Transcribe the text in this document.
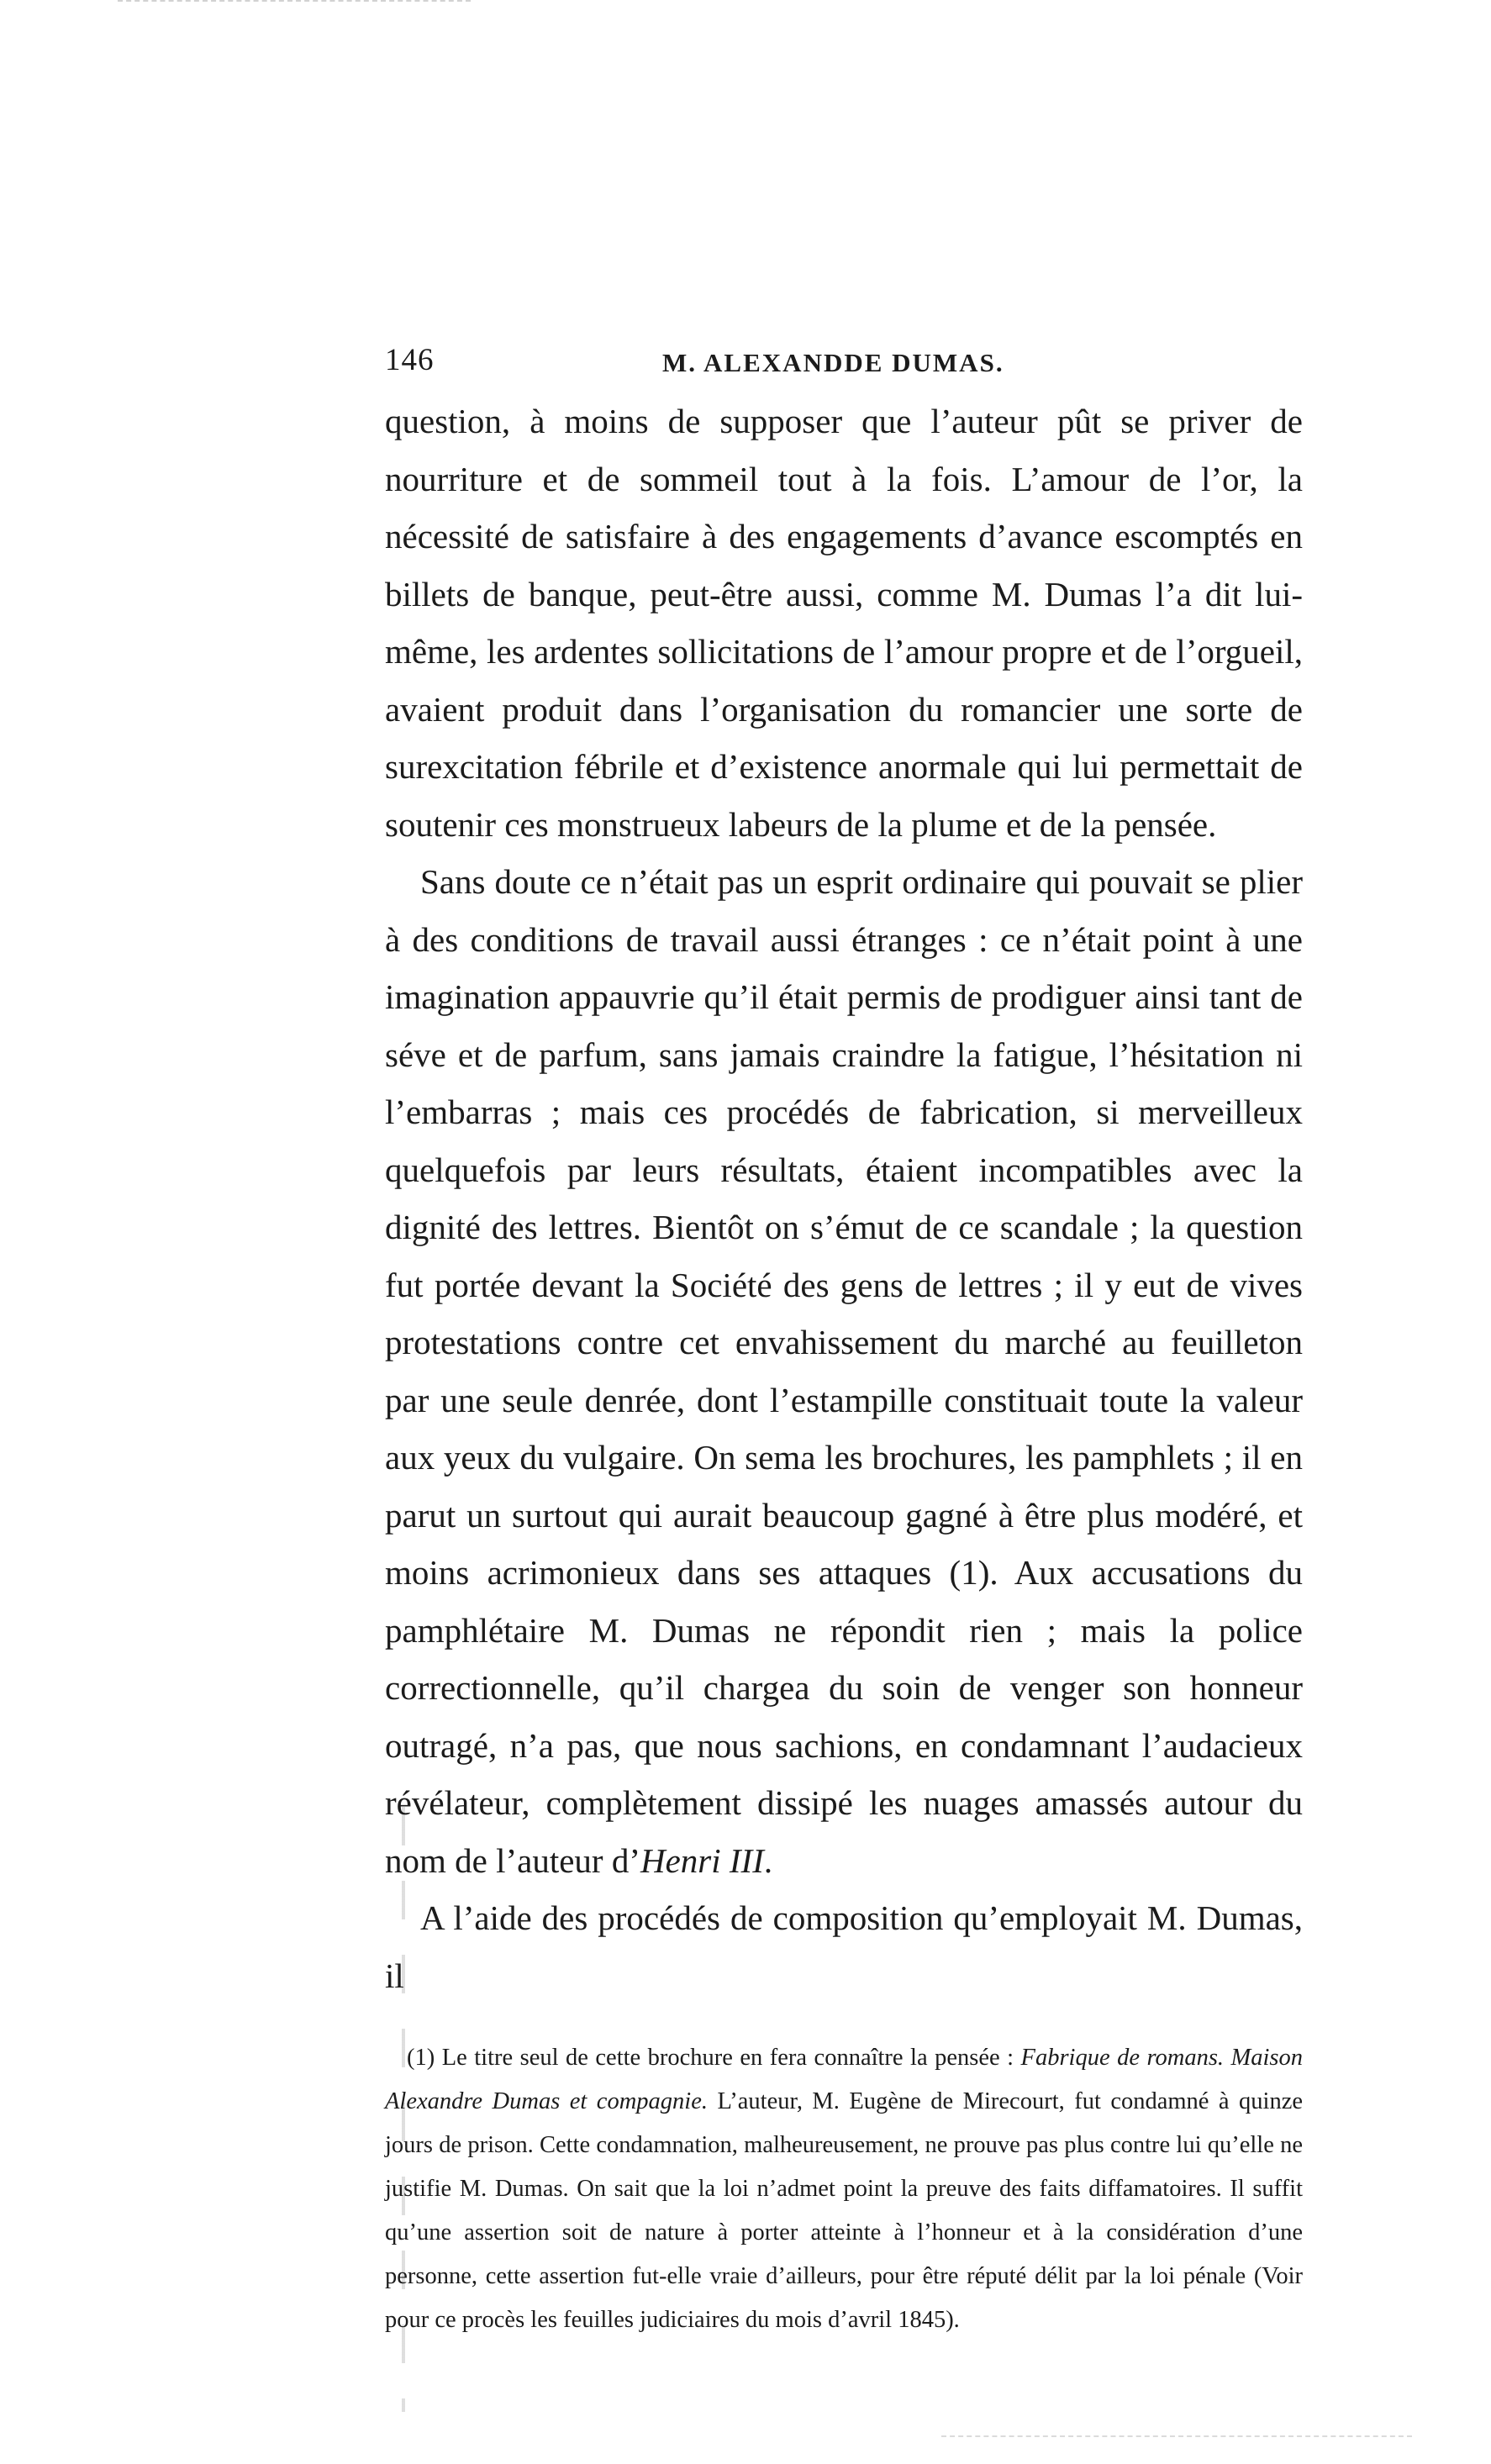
146	M. ALEXANDDE DUMAS.

question, à moins de supposer que l’auteur pût se priver de nourriture et de sommeil tout à la fois. L’amour de l’or, la nécessité de satisfaire à des engagements d’avance escomptés en billets de banque, peut-être aussi, comme M. Dumas l’a dit lui-même, les ardentes sollicitations de l’amour propre et de l’orgueil, avaient produit dans l’organisation du romancier une sorte de surexcitation fébrile et d’existence anormale qui lui permettait de soutenir ces monstrueux labeurs de la plume et de la pensée.

Sans doute ce n’était pas un esprit ordinaire qui pouvait se plier à des conditions de travail aussi étranges : ce n’était point à une imagination appauvrie qu’il était permis de prodiguer ainsi tant de séve et de parfum, sans jamais craindre la fatigue, l’hésitation ni l’embarras ; mais ces procédés de fabrication, si merveilleux quelquefois par leurs résultats, étaient incompatibles avec la dignité des lettres. Bientôt on s’émut de ce scandale ; la question fut portée devant la Société des gens de lettres ; il y eut de vives protestations contre cet envahissement du marché au feuilleton par une seule denrée, dont l’estampille constituait toute la valeur aux yeux du vulgaire. On sema les brochures, les pamphlets ; il en parut un surtout qui aurait beaucoup gagné à être plus modéré, et moins acrimonieux dans ses attaques (1). Aux accusations du pamphlétaire M. Dumas ne répondit rien ; mais la police correctionnelle, qu’il chargea du soin de venger son honneur outragé, n’a pas, que nous sachions, en condamnant l’audacieux révélateur, complètement dissipé les nuages amassés autour du nom de l’auteur d’Henri III.

A l’aide des procédés de composition qu’employait M. Dumas, il

(1) Le titre seul de cette brochure en fera connaître la pensée : Fabrique de romans. Maison Alexandre Dumas et compagnie. L’auteur, M. Eugène de Mirecourt, fut condamné à quinze jours de prison. Cette condamnation, malheureusement, ne prouve pas plus contre lui qu’elle ne justifie M. Dumas. On sait que la loi n’admet point la preuve des faits diffamatoires. Il suffit qu’une assertion soit de nature à porter atteinte à l’honneur et à la considération d’une personne, cette assertion fut-elle vraie d’ailleurs, pour être réputé délit par la loi pénale (Voir pour ce procès les feuilles judiciaires du mois d’avril 1845).
